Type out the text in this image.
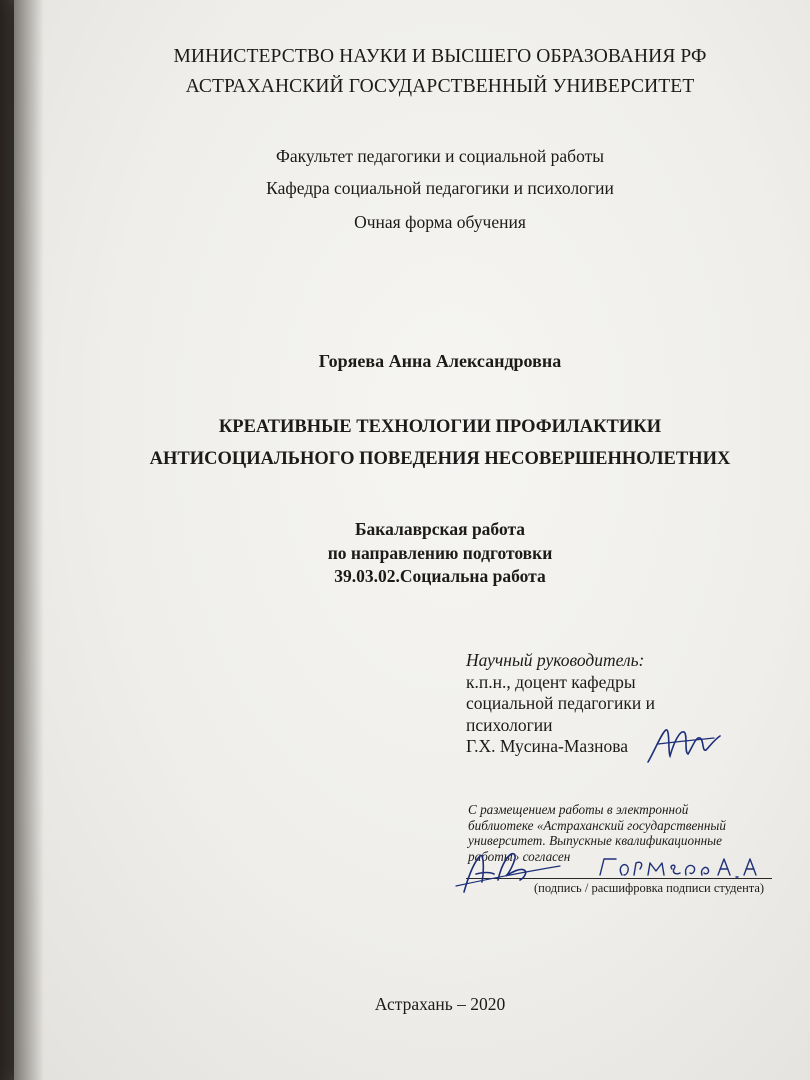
МИНИСТЕРСТВО НАУКИ И ВЫСШЕГО ОБРАЗОВАНИЯ РФ
АСТРАХАНСКИЙ ГОСУДАРСТВЕННЫЙ УНИВЕРСИТЕТ
Факультет педагогики и социальной работы
Кафедра социальной педагогики и психологии
Очная форма обучения
Горяева Анна Александровна
КРЕАТИВНЫЕ ТЕХНОЛОГИИ ПРОФИЛАКТИКИ
АНТИСОЦИАЛЬНОГО ПОВЕДЕНИЯ НЕСОВЕРШЕННОЛЕТНИХ
Бакалаврская работа
по направлению подготовки
39.03.02.Социальна работа
Научный руководитель:
к.п.н., доцент кафедры
социальной педагогики и
психологии
Г.Х. Мусина-Мазнова
С размещением работы в электронной
библиотеке «Астраханский государственный
университет. Выпускные квалификационные
работы» согласен
(подпись / расшифровка подписи студента)
Астрахань – 2020
